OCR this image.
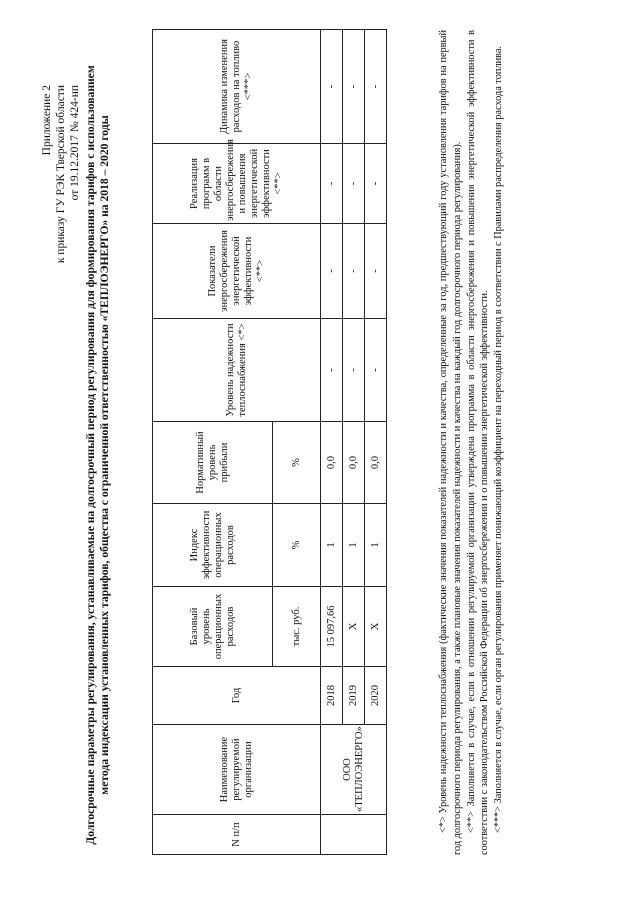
Приложение 2 к приказу ГУ РЭК Тверской области от 19.12.2017 № 424-нп Долгосрочные параметры регулирования, устанавливаемые на долгосрочный период регулирования для формирования тарифов с использованием метода индексации установленных тарифов, общества с ограниченной ответственностью «ТЕПЛОЭНЕРГО» на 2018 – 2020 годы
N п/п	Наименование регулируемой организации	Год	Базовый уровень операционных расходов	Индекс эффективности операционных расходов	Нормативный уровень прибыли	Уровень надежности теплоснабжения <*>	Показатели энергосбережения энергетической эффективности <**>	Реализация программ в области энергосбережения и повышения энергетической эффективности <**>	Динамика изменения расходов на топливо <***>
			тыс. руб.	%	%				
	ООО «ТЕПЛОЭНЕРГО»	2018	15 097,66	1	0,0	-	-	-	-
		2019	Х	1	0,0	-	-	-	-
		2020	Х	1	0,0	-	-	-	-	<*> Уровень надежности теплоснабжения (фактические значения показателей надежности и качества, определенные за год, предшествующий году установления тарифов на первый год долгосрочного периода регулирования, а также плановые значения показателей надежности и качества на каждый год долгосрочного периода регулирования). <**> Заполняется в случае, если в отношении регулируемой организации утверждена программа в области энергосбережения и повышения энергетической эффективности в соответствии с законодательством Российской Федерации об энергосбережении и о повышении энергетической эффективности. <***> Заполняется в случае, если орган регулирования применяет понижающий коэффициент на переходный период в соответствии с Правилами распределения расхода топлива.
